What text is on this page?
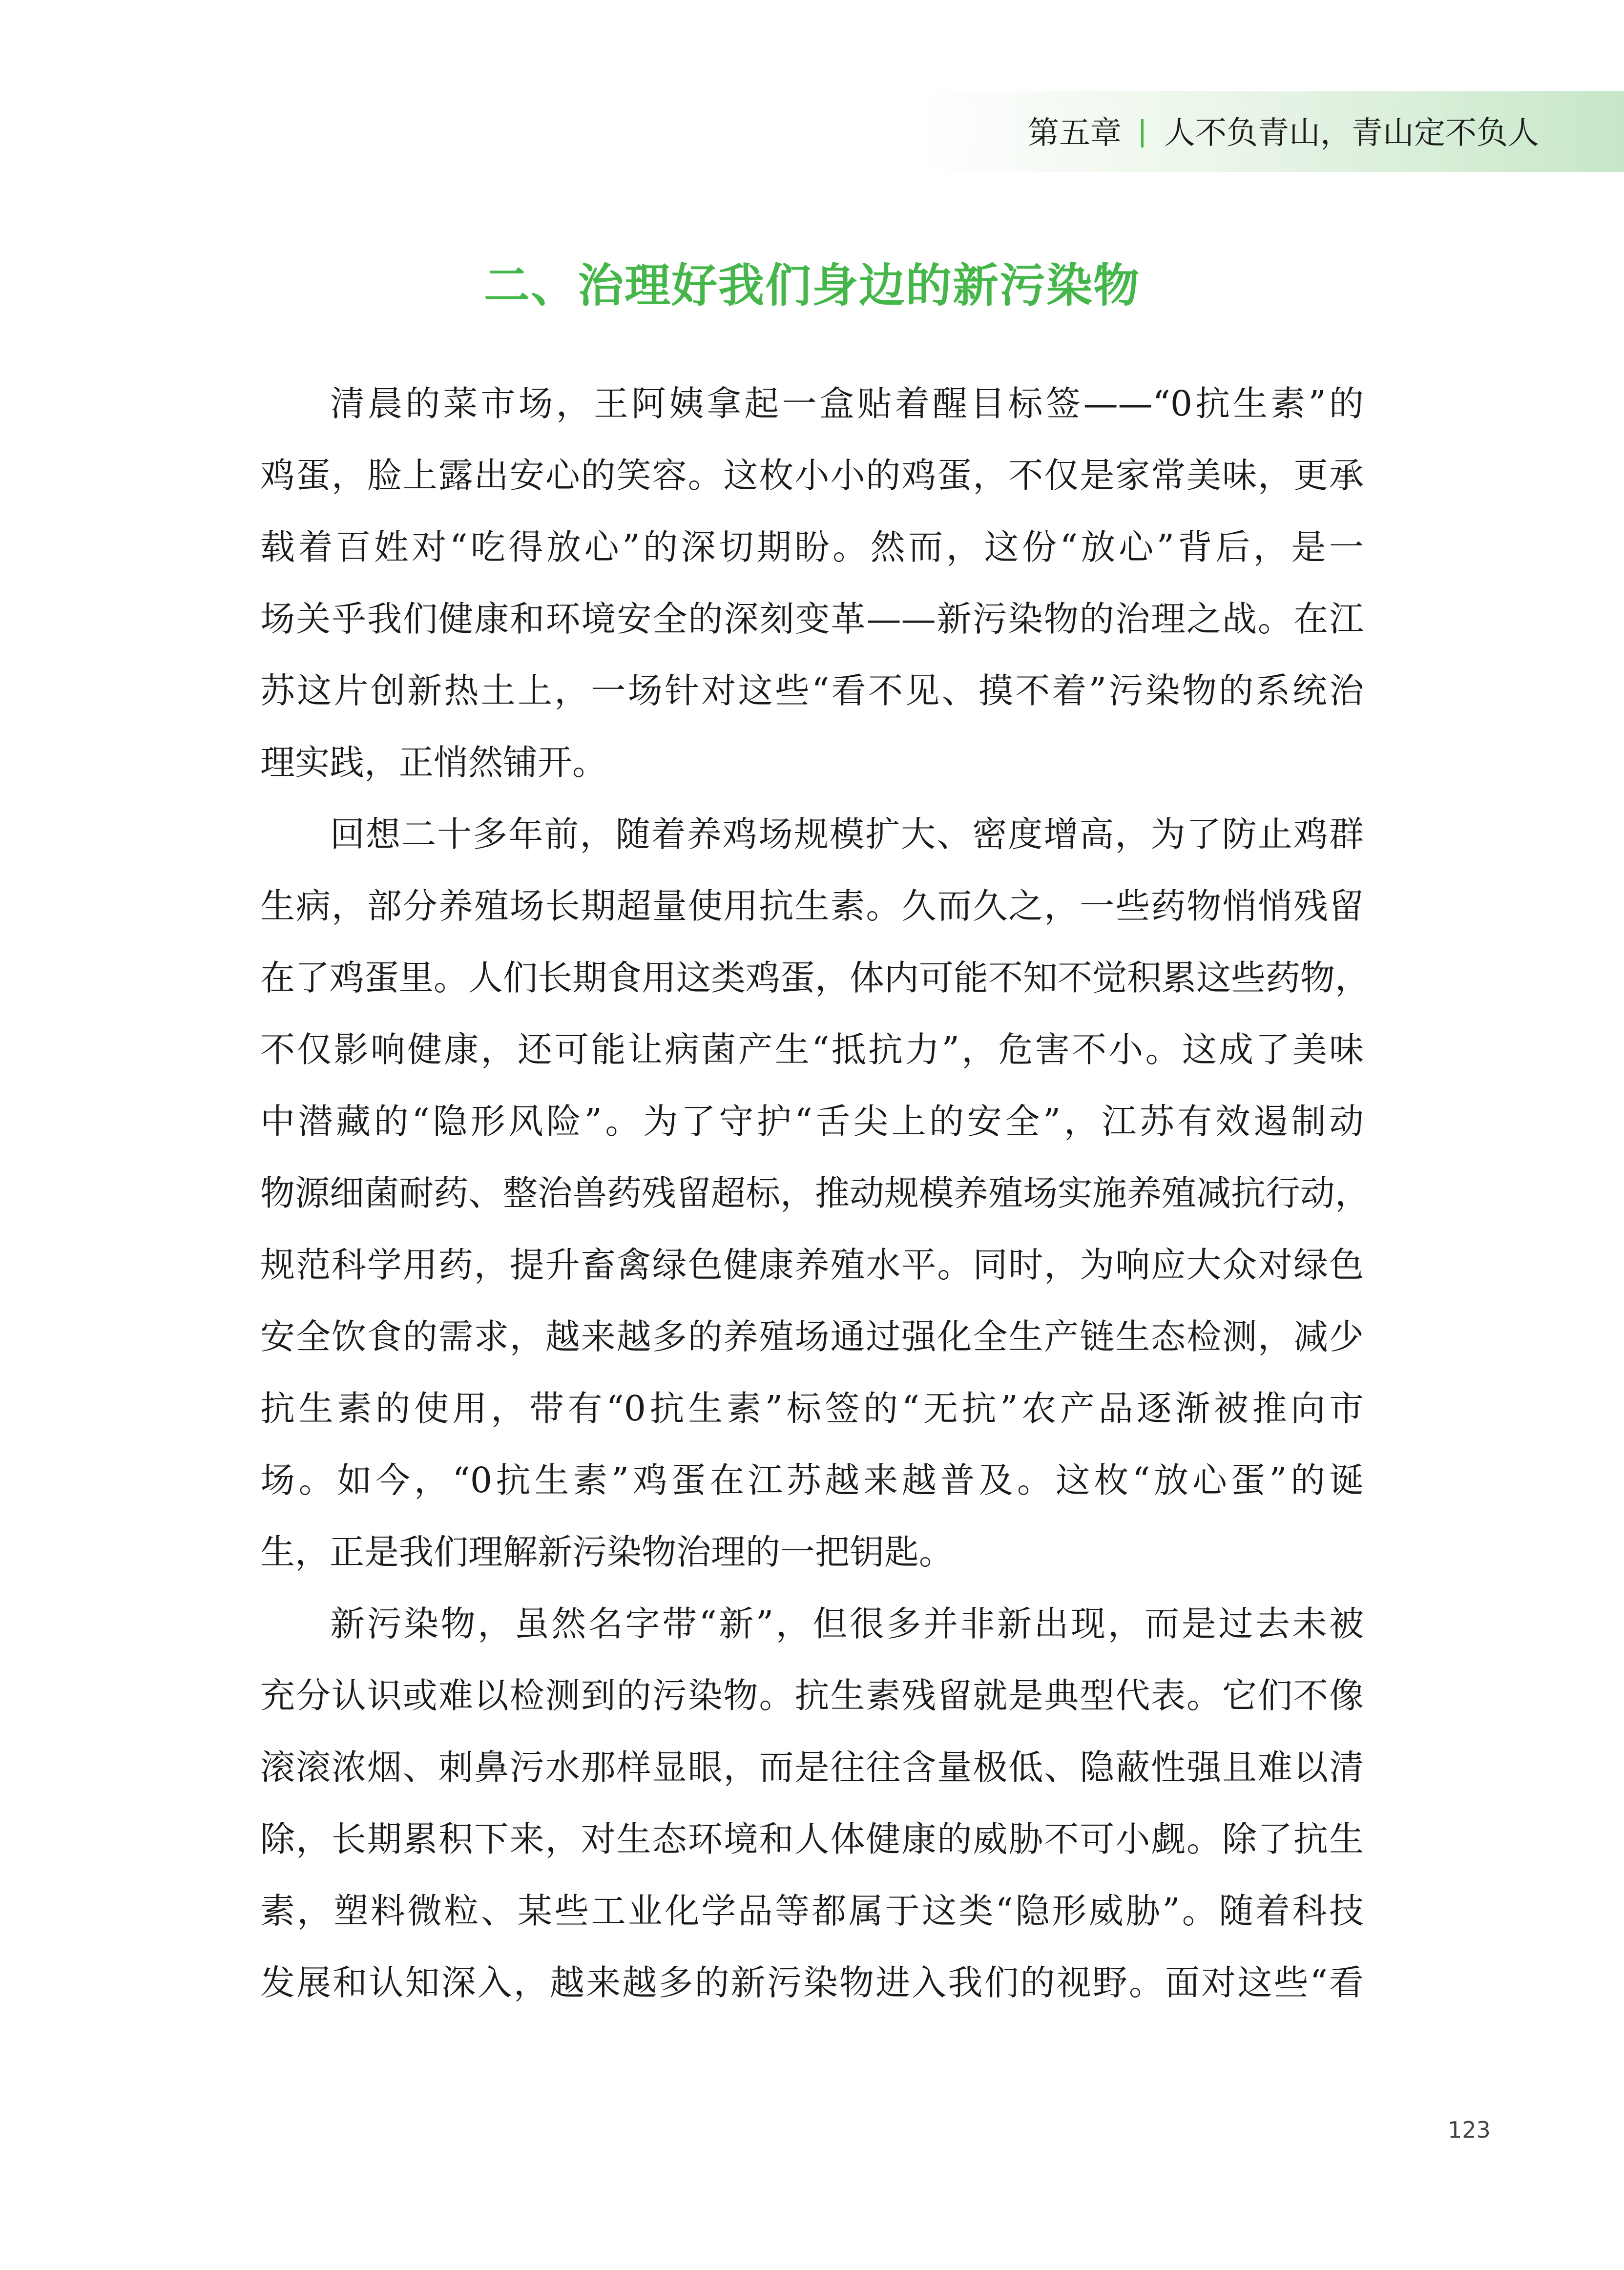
第五章 人不负青山，青山定不负人
二、治理好我们身边的新污染物
清晨的菜市场，王阿姨拿起一盒贴着醒目标签——“0抗生素”的
鸡蛋，脸上露出安心的笑容。这枚小小的鸡蛋，不仅是家常美味，更承
载着百姓对“吃得放心”的深切期盼。然而，这份“放心”背后，是一
场关乎我们健康和环境安全的深刻变革——新污染物的治理之战。在江
苏这片创新热土上，一场针对这些“看不见、摸不着”污染物的系统治
理实践，正悄然铺开。
回想二十多年前，随着养鸡场规模扩大、密度增高，为了防止鸡群
生病，部分养殖场长期超量使用抗生素。久而久之，一些药物悄悄残留
在了鸡蛋里。人们长期食用这类鸡蛋，体内可能不知不觉积累这些药物，
不仅影响健康，还可能让病菌产生“抵抗力”，危害不小。这成了美味
中潜藏的“隐形风险”。为了守护“舌尖上的安全”，江苏有效遏制动
物源细菌耐药、整治兽药残留超标，推动规模养殖场实施养殖减抗行动，
规范科学用药，提升畜禽绿色健康养殖水平。同时，为响应大众对绿色
安全饮食的需求，越来越多的养殖场通过强化全生产链生态检测，减少
抗生素的使用，带有“0抗生素”标签的“无抗”农产品逐渐被推向市
场。如今，“0抗生素”鸡蛋在江苏越来越普及。这枚“放心蛋”的诞
生，正是我们理解新污染物治理的一把钥匙。
新污染物，虽然名字带“新”，但很多并非新出现，而是过去未被
充分认识或难以检测到的污染物。抗生素残留就是典型代表。它们不像
滚滚浓烟、刺鼻污水那样显眼，而是往往含量极低、隐蔽性强且难以清
除，长期累积下来，对生态环境和人体健康的威胁不可小觑。除了抗生
素，塑料微粒、某些工业化学品等都属于这类“隐形威胁”。随着科技
发展和认知深入，越来越多的新污染物进入我们的视野。面对这些“看
123
